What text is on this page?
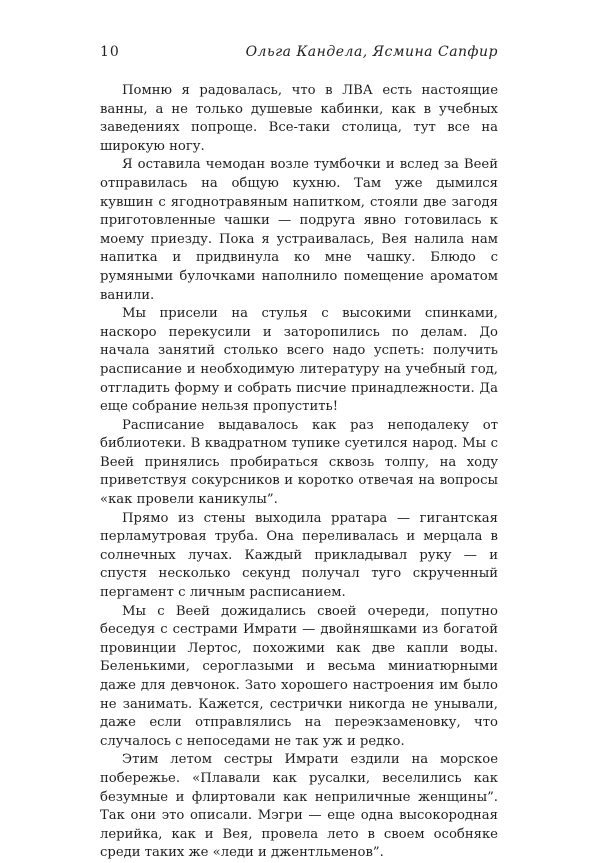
10	Ольга Кандела, Ясмина Сапфир

Помню я радовалась, что в ЛВА есть настоящие ванны, а не только душевые кабинки, как в учебных заведениях попроще. Все-таки столица, тут все на широкую ногу.

Я оставила чемодан возле тумбочки и вслед за Веей отправилась на общую кухню. Там уже дымился кувшин с ягоднотравяным напитком, стояли две загодя приготовленные чашки — подруга явно готовилась к моему приезду. Пока я устраивалась, Вея налила нам напитка и придвинула ко мне чашку. Блюдо с румяными булочками наполнило помещение ароматом ванили.

Мы присели на стулья с высокими спинками, наскоро перекусили и заторопились по делам. До начала занятий столько всего надо успеть: получить расписание и необходимую литературу на учебный год, отгладить форму и собрать писчие принадлежности. Да еще собрание нельзя пропустить!

Расписание выдавалось как раз неподалеку от библиотеки. В квадратном тупике суетился народ. Мы с Веей принялись пробираться сквозь толпу, на ходу приветствуя сокурсников и коротко отвечая на вопросы «как провели каникулы”.

Прямо из стены выходила рратара — гигантская перламутровая труба. Она переливалась и мерцала в солнечных лучах. Каждый прикладывал руку — и спустя несколько секунд получал туго скрученный пергамент с личным расписанием.

Мы с Веей дожидались своей очереди, попутно беседуя с сестрами Имрати — двойняшками из богатой провинции Лертос, похожими как две капли воды. Беленькими, сероглазыми и весьма миниатюрными даже для девчонок. Зато хорошего настроения им было не занимать. Кажется, сестрички никогда не унывали, даже если отправлялись на переэкзаменовку, что случалось с непоседами не так уж и редко.

Этим летом сестры Имрати ездили на морское побережье. «Плавали как русалки, веселились как безумные и флиртовали как неприличные женщины”. Так они это описали. Мэгри — еще одна высокородная лерийка, как и Вея, провела лето в своем особняке среди таких же «леди и джентльменов”.
